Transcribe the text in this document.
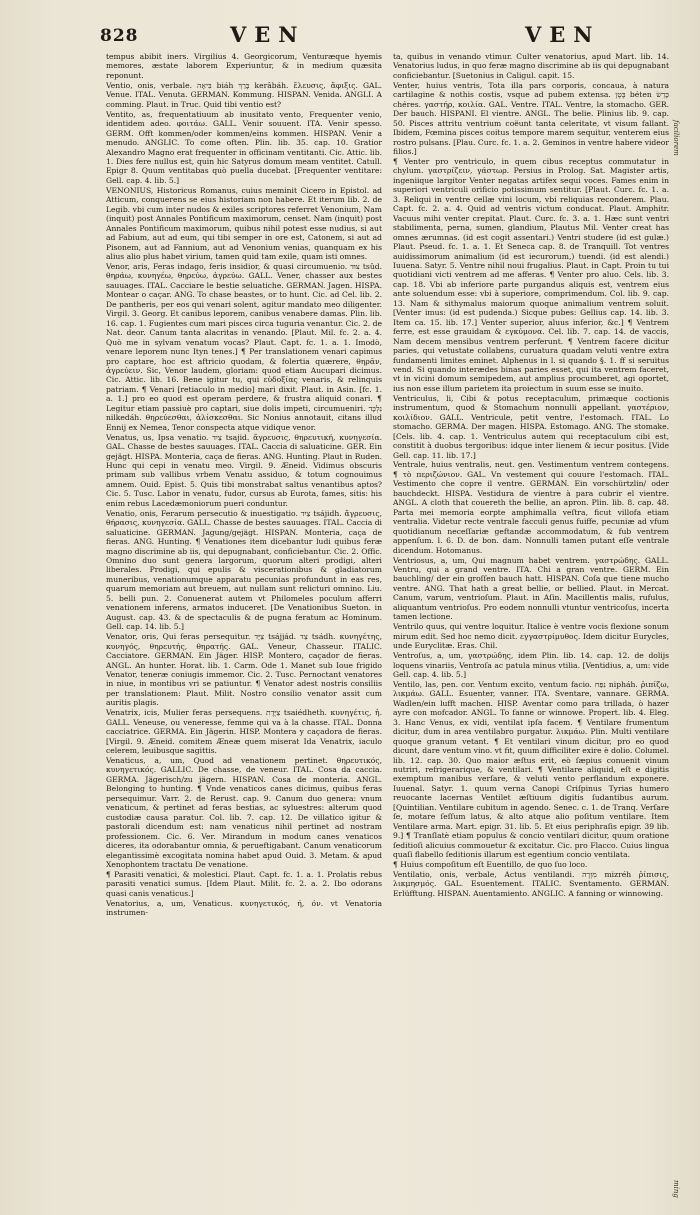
828	VEN	VEN

tempus abibit iners. Virgilius 4. Georgicorum, Venturæque hyemis memores, æstate laborem Experiuntur, & in medium quæsita reponunt.

Ventio, onis, verbale. בִּיאָה biáh בָּרַךְ kerâbáh. ἔλευσις, ἄφιξις. GAL. Venue. ITAL. Venuta. GERMAN. Kommung. HISPAN. Venida. ANGLI. A comming. Plaut. in Truc. Quid tibi ventio est?

Ventito, as, frequentatiuum ab inusitato vento, Frequenter venio, identidem adeo. φοιτάω. GALL. Venir souuent. ITA. Venir spesso. GERM. Offt kommen/oder kommen/eins kommen. HISPAN. Venir a menudo. ANGLIC. To come often. Plin. lib. 35. cap. 10. Gratior Alexandro Magno erat frequenter in officinam ventitanti. Cic. Attic. lib. 1. Dies fere nullus est, quin hic Satyrus domum meam ventitet. Catull. Epigr 8. Quum ventitabas quò puella ducebat. [Frequenter ventitare: Gell. cap. 4. lib. 5.]

VENONIUS, Historicus Romanus, cuius meminit Cicero in Epistol. ad Atticum, conquerens se eius historiam non habere. Et iterum lib. 2. de Legib. vbi cum inter nudos & exiles scriptores referret Venonium, Nam (inquit) post Annales Pontificum maximorum, censet. Nam (inquit) post Annales Pontificum maximorum, quibus nihil potest esse nudius, si aut ad Fabium, aut ad eum, qui tibi semper in ore est, Catonem, si aut ad Pisonem, aut ad Fannium, aut ad Venonium venias, quanquam ex his alius alio plus habet virium, tamen quid tam exile, quam isti omnes.

Venor, aris, Feras indago, feris insidior, & quasi circumuenio. צוּד tsûd. θηράω, κυνηγέω, θηρεύω, ἀγρεύω. GALL. Vener, chasser aux bestes sauuages. ITAL. Cacciare le bestie seluatiche. GERMAN. Jagen. HISPA. Montear o caçar. ANG. To chase beastes, or to hunt. Cic. ad Cel. lib. 2. De pantheris, per eos qui venari solent, agitur mandato meo diligenter. Virgil. 3. Georg. Et canibus leporem, canibus venabere damas. Plin. lib. 16. cap. 1. Fugientes cum mari pisces circa tuguria venantur. Cic. 2. de Nat. deor. Canum tanta alacritas in venando. [Plaut. Mil. fc. 2. a. 4. Quò me in sylvam venatum vocas? Plaut. Capt. fc. 1. a. 1. Imodò, venare leporem nunc Ityn tenes.] ¶ Per translationem venari capimus pro captare, hoc est aftricio quodam, & folertia quærere, θηρᾶν, ἀγρεύειν. Sic, Venor laudem, gloriam: quod etiam Aucupari dicimus. Cic. Attic. lib. 16. Bene igitur tu, qui εὐδοξίας venaris, & relinquis patriam. ¶ Venari [retiaculo in medio] mari dixit. Plaut. in Asin. [fc. 1. a. 1.] pro eo quod est operam perdere, & frustra aliquid conari. ¶ Legitur etiam passiuè pro captari, siue dolis impeti, circumueniri. נִלְכָּד nilkedáh. θηρεύεσθαι, ἁλίσκεσθαι. Sic Nonius annotauit, citans illud Ennij ex Nemea, Tenor conspecta atque vidique venor.

Venatus, us, Ipsa venatio. צַיִד tsajid. ἄγρευσις, θηρευτική, κυνηγεσία. GAL. Chasse de bestes sauuages. ITAL. Caccia di saluaticine. GER. Ein gejägt. HISPA. Monteria, caça de fieras. ANG. Hunting. Plaut in Ruden. Hunc qui cepi in venatu meo. Virgil. 9. Æneid. Vidimus obscuris primam sub vallibus vrbem Venatu assiduo, & totum cognouimus amnem. Ouid. Epist. 5. Quis tibi monstrabat saltus venantibus aptos? Cic. 5. Tusc. Labor in venatu, fudor, cursus ab Eurota, fames, sitis: his enim rebus Lacedæmoniorum pueri conduntur.

Venatio, onis, Ferarum persecutio & inuestigatio. צַיִד tsájidh. ἄγρευσις, θήρασις, κυνηγεσία. GALL. Chasse de bestes sauuages. ITAL. Caccia di saluaticine. GERMAN. Jagung/gejägt. HISPAN. Monteria, caça de fieras. ANG. Hunting. ¶ Venationes item dicebantur ludi quibus feræ magno discrimine ab iis, qui depugnabant, conficiebantur. Cic. 2. Offic. Omnino duo sunt genera largorum, quorum alteri prodigi, alteri liberales. Prodigi, qui epulis & viscerationibus & gladiatorum muneribus, venationumque apparatu pecunias profundunt in eas res, quarum memoriam aut breuem, aut nullam sunt relicturi omnino. Liu. 5. belli pun. 2. Conuenerat autem vt Philomeles poculum afferri venationem inferens, armatos induceret. [De Venationibus Sueton. in August. cap. 43. & de spectaculis & de pugna feratum ac Hominum. Gell. cap. 14. lib. 5.]

Venator, oris, Qui feras persequitur. צַיָּד tsájjád. צֵד tsádh. κυνηγέτης, κυνηγός, θηρευτής, θηρατής. GAL. Veneur, Chasseur. ITALIC. Cacciatore. GERMAN. Ein Jäger. HISP. Montero, caçador de fieras. ANGL. An hunter. Horat. lib. 1. Carm. Ode 1. Manet sub Ioue frigido Venator, teneræ coniugis immemor. Cic. 2. Tusc. Pernoctant venatores in niue, in montibus vri se patiuntur. ¶ Venator adest nostris consiliis per translationem: Plaut. Milit. Nostro consilio venator assit cum auritis plagis.

Venatrix, icis, Mulier feras persequens. צַיֶּדֶת tsaiédheth. κυνηγέτις, ἡ. GALL. Veneuse, ou veneresse, femme qui va à la chasse. ITAL. Donna cacciatrice. GERMA. Ein Jägerin. HISP. Montera y caçadora de fieras. [Virgil. 9. Æneid. comitem Æneæ quem miserat Ida Venatrix, iaculo celerem, leuibusque sagittis.

Venaticus, a, um, Quod ad venationem pertinet. θηρευτικός, κυνηγετικός. GALLIC. De chasse, de veneur. ITAL. Cosa da caccia. GERMA. Jägerisch/zu jägern. HISPAN. Cosa de monteria. ANGL. Belonging to hunting. ¶ Vnde venaticos canes dicimus, quibus feras persequimur. Varr. 2. de Rerust. cap. 9. Canum duo genera: vnum venaticum, & pertinet ad feras bestias, ac syluestres: alterum quod custodiæ causa paratur. Col. lib. 7. cap. 12. De villatico igitur & pastorali dicendum est: nam venaticus nihil pertinet ad nostram professionem. Cic. 6. Ver. Mirandum in modum canes venaticos diceres, ita odorabantur omnia, & perueftigabant. Canum venaticorum elegantissimè excogitata nomina habet apud Ouid. 3. Metam. & apud Xenophontem tractatu De venatione.

¶ Parasiti venatici, & molestici. Plaut. Capt. fc. 1. a. 1. Prolatis rebus parasiti venatici sumus. [Idem Plaut. Milit. fc. 2. a. 2. Ibo odorans quasi canis venaticus.]

Venatorius, a, um, Venaticus. κυνηγετικός, ή, όν. vt Venatoria instrumen-

ta, quibus in venando vtimur. Culter venatorius, apud Mart. lib. 14. Venatorius ludus, in quo feræ magno discrimine ab iis qui depugnabant conficiebantur. [Suetonius in Caligul. capit. 15.

Venter, huius ventris, Tota illa pars corporis, concaua, à natura cartilagine & nothis costis, vsque ad pubem extensa. בֶּטֶן béten כָּרֵשׂ chéres. γαστήρ, κοιλία. GAL. Ventre. ITAL. Ventre, la stomacho. GER. Der bauch. HISPANI. El vientre. ANGL. The belie. Plinius lib. 9. cap. 50. Pisces attritu ventrium coëunt tanta celeritate, vt visum fallant. Ibidem, Fœmina pisces coitus tempore marem sequitur, venterem eius rostro pulsans. [Plau. Curc. fc. 1. a. 2. Geminos in ventre habere videor filios.]

¶ Venter pro ventriculo, in quem cibus receptus commutatur in chylum. γαστρίζειν, γάστωρ. Persius in Prolog. Sat. Magister artis, ingeniique largitor Venter negatas artifex sequi voces. Fames enim in superiori ventriculi orificio potissimum sentitur. [Plaut. Curc. fc. 1. a. 3. Reliqui in ventre cellæ vini locum, vbi reliquias reconderem. Plau. Capt. fc. 2. a. 4. Quid ad ventris victum conducat. Plaut. Amphitr. Vacuus mihi venter crepitat. Plaut. Curc. fc. 3. a. 1. Hæc sunt ventri stabilimenta, perna, sumen, glandium, Plautus Mil. Venter creat has omnes ærumnas. (id est cogit assentari.) Ventri studere (id est gulæ.) Plaut. Pseud. fc. 1. a. 1. Et Seneca cap. 8. de Tranquill. Tot ventres auidissimorum animalium (id est iecurorum,) tuendi. (id est alendi.) Iuuena. Satyr. 5. Ventre nihil noui frugalius. Plaut. in Capt. Proin tu tui quotidiani victi ventrem ad me afferas. ¶ Venter pro aluo. Cels. lib. 3. cap. 18. Vbi ab inferiore parte purgandus aliquis est, ventrem eius ante soluendum esse: vbi à superiore, comprimendum. Col. lib. 9. cap. 13. Nam & sithymalus maiorum quoque animalium ventrem soluit. [Venter imus: (id est pudenda.) Sicque pubes: Gellius cap. 14. lib. 3. Item ca. 15. lib. 17.] Venter superior, aluus inferior, &c.] ¶ Ventrem ferre, est esse grauidam & εγκύμονα. Cel. lib. 7. cap. 14. de vaccis, Nam decem mensibus ventrem perferunt. ¶ Ventrem facere dicitur paries, qui vetustate collabens, curuatura quadam veluti ventre extra fundamenti limites eminet. Alphenus in l. si quando §. 1. ff si seruitus vend. Si quando interædes binas paries esset, qui ita ventrem faceret, vt in vicini domum semipedem, aut amplius procumberet, agi oportet, ius non esse illum parietem ita proiectum in suum esse se inuito.

Ventriculus, li, Cibi & potus receptaculum, primæque coctionis instrumentum, quod & Stomachum nonnulli appellant. γαστέριον, κοιλίδιον. GALL. Ventricule, petit ventre, l'estomach. ITAL. Lo stomacho. GERMA. Der magen. HISPA. Estomago. ANG. The stomake. [Cels. lib. 4. cap. 1. Ventriculus autem qui receptaculum cibi est, constitit à duobus tergoribus: idque inter lienem & iecur positus. [Vide Gell. cap. 11. lib. 17.]

Ventrale, huius ventralis, neut. gen. Vestimentum ventrem contegens. ¶ τὸ περιζώνιον. GAL. Vn vestement qui couure l'estomach. ITAL. Vestimento che copre il ventre. GERMAN. Ein vorschürtzlin/ oder bauchdeckt. HISPA. Vestidura de vientre à para cubrir el vientre. ANGL. A cloth that couereth the bellie, an apron. Plin. lib. 8. cap. 48. Parta mei memoria eorpte amphimalla veſtra, ficut villofa etiam ventralia. Videtur recte ventrale facculi genus fuiffe, pecuniæ ad vfum quotidianum neceſſariæ geftandæ accommodatum, & fub ventrem appenſum. l. 6. D. de bon. dam. Nonnulli tamen putant eſſe ventrale dicendum. Hotomanus.

Ventriosus, a, um, Qui magnum habet ventrem. γαστρώδης. GALL. Ventru, qui a grand ventre. ITA. Chi a gran ventre. GERM. Ein bauchling/ der ein groſſen bauch hatt. HISPAN. Coſa que tiene mucho ventre. ANG. That hath a great bellie, or bellied. Plaut. in Mercat. Canum, varum, ventrioſum. Plaut. in Aſin. Macillentis malis, rufulus, aliquantum ventrioſus. Pro eodem nonnulli vtuntur ventricoſus, incerta tamen lectione.

Ventrilo quus, qui ventre loquitur. Italice è ventre vocis flexione sonum mirum edit. Sed hoc nemo dicit. εγγαστρίμυθος. Idem dicitur Eurycles, unde Euryclitæ. Eras. Chil.

Ventroſus, a, um, γαστρώδης, idem Plin. lib. 14. cap. 12. de dolijs loquens vinariis, Ventroſa ac patula minus vtilia. [Ventidius, a, um: vide Gell. cap. 4. lib. 5.]

Ventilo, las, pen. cor. Ventum excito, ventum facio. נִפַּח nipháh. ῥιπίζω, λικμάω. GALL. Esuenter, vanner. ITA. Sventare, vannare. GERMA. Wadlen/ein lufft machen. HISP. Aventar como para trillada, ò hazer ayre con mofcador. ANGL. To fanne or winnowe. Propert. lib. 4. Eleg. 3. Hanc Venus, ex vidi, ventilat ipſa facem. ¶ Ventilare frumentum dicitur, dum in area ventilabro purgatur. λικμάω. Plin. Multi ventilare quoque granum vetant. ¶ Et ventilari vinum dicitur, pro eo quod dicunt, dare ventum vino. vt fit, quum difficiliter exire è dolio. Columel. lib. 12. cap. 30. Quo maior æſtus erit, eò ſæpius conuenit vinum nutriri, refrigerarique, & ventilari. ¶ Ventilare aliquid, eſt e digitis exemptum manibus verſare, & veluti vento perflandum exponere. Iuuenal. Satyr. 1. quum verna Canopi Criſpinus Tyrias humero reuocante lacernas Ventilet æſtiuum digitis ſudantibus aurum. [Quintilian. Ventilare cubitum in agendo. Senec. c. 1. de Tranq. Verſare ſe, motare ſeſſum latus, & alto atque alio poſitum ventilare. Item Ventilare arma. Mart. epigr. 31. lib. 5. Et eius periphraſis epigr. 39 lib. 9.] ¶ Tranſlatè etiam populus & concio ventilari dicitur, quum oratione ſeditioſi alicuius commouetur & excitatur. Cic. pro Flacco. Cuius lingua quaſi flabello ſeditionis illarum est egentium concio ventilata.

¶ Huius compoſitum eſt Euentillo, de quo ſuo loco.

Ventilatio, onis, verbale, Actus ventilandi. מִזְרֶה mizréh ῥίπισις, λικμησμός. GAL. Esuentement. ITALIC. Sventamento. GERMAN. Erlüfftung. HISPAN. Auentamiento. ANGLIC. A fanning or winnowing.

faciliorem
ming
